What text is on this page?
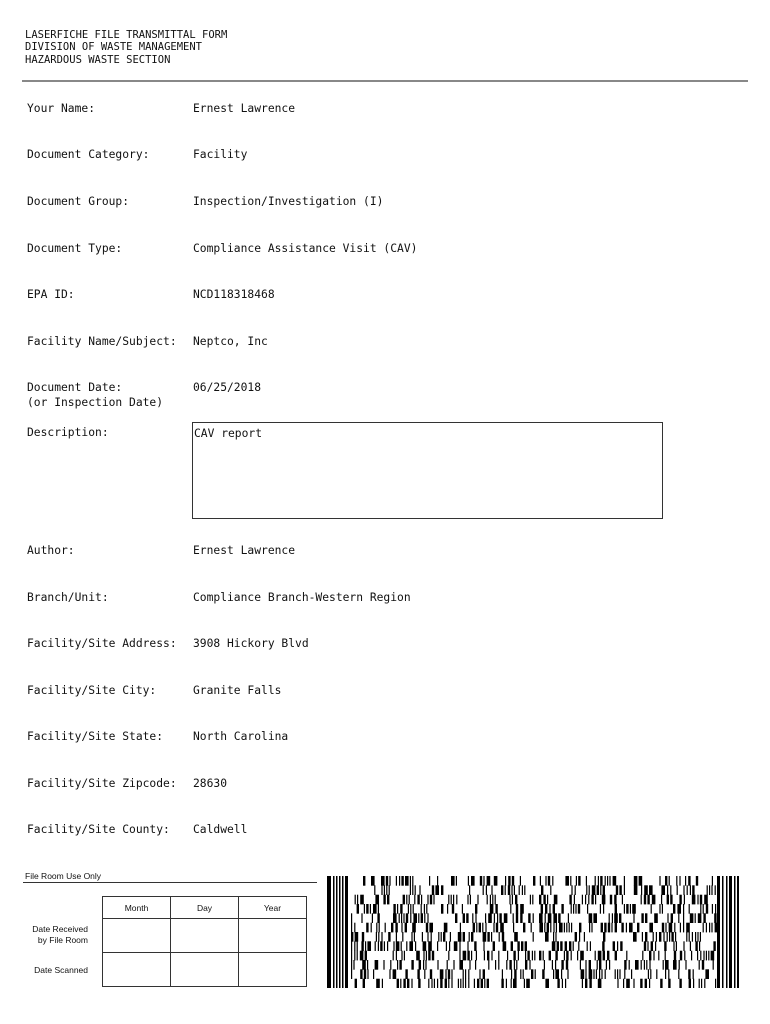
LASERFICHE FILE TRANSMITTAL FORM
DIVISION OF WASTE MANAGEMENT
HAZARDOUS WASTE SECTION
Your Name:	Ernest Lawrence
Document Category:	Facility
Document Group:	Inspection/Investigation (I)
Document Type:	Compliance Assistance Visit (CAV)
EPA ID:	NCD118318468
Facility Name/Subject: Neptco, Inc
Document Date:
(or Inspection Date)
06/25/2018
Description:	CAV report
Author:	Ernest Lawrence
Branch/Unit:	Compliance Branch-Western Region
Facility/Site Address: 3908 Hickory Blvd
Facility/Site City:	Granite Falls
Facility/Site State:	North Carolina
Facility/Site Zipcode: 28630
Facility/Site County: Caldwell
File Room Use Only
Month	Day	Year

Date Received
by File Room
Date Scanned
